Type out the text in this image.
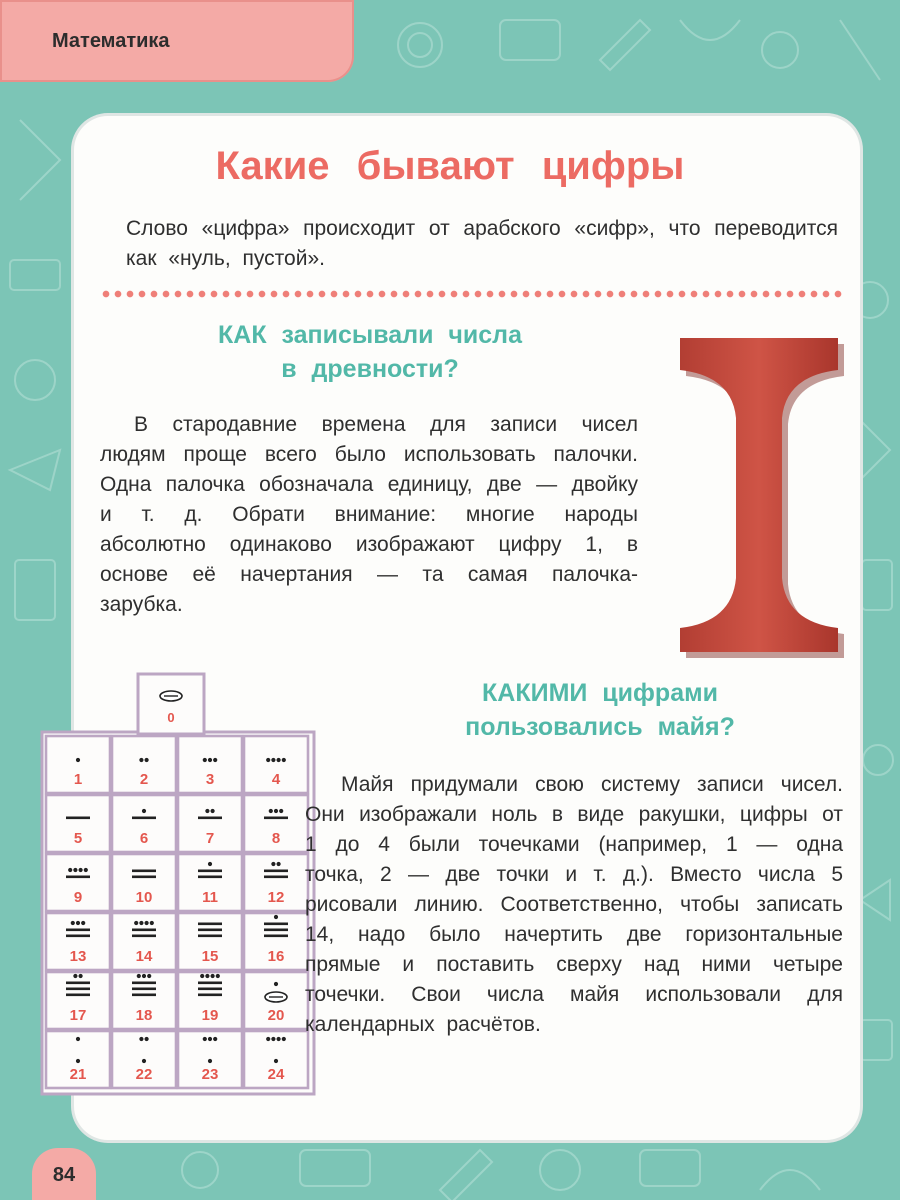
Математика
Какие бывают цифры

Слово «цифра» происходит от арабского «сифр», что переводится как «нуль, пустой».

КАК записывали числа
в древности?

В стародавние времена для записи чисел людям проще всего было использовать палочки. Одна палочка обозначала единицу, две — двойку и т. д. Обрати внимание: многие народы абсолютно одинаково изображают цифру 1, в основе её начертания — та самая палочка-зарубка.

0
1	2	3	4
5	6	7	8
9	10	11	12
13	14	15	16
17	18	19	20
21	22	23	24
КАКИМИ цифрами
пользовались майя?

Майя придумали свою систему записи чисел. Они изображали ноль в виде ракушки, цифры от 1 до 4 были точечками (например, 1 — одна точка, 2 — две точки и т. д.). Вместо числа 5 рисовали линию. Соответственно, чтобы записать 14, надо было начертить две горизонтальные прямые и поставить сверху над ними четыре точечки. Свои числа майя использовали для календарных расчётов.

84
